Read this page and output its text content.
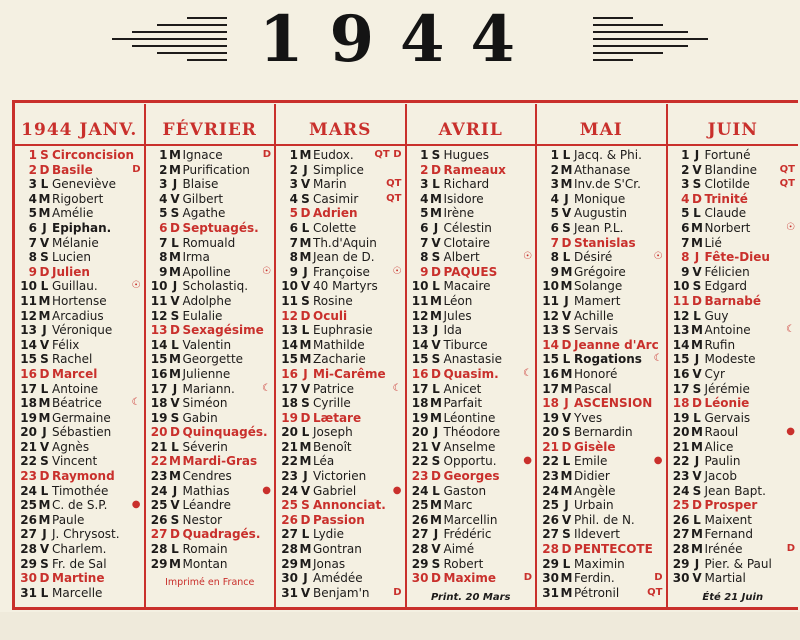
1944
1944 JANV.
1 S Circoncision
2 D Basile	D
3 L Geneviève
4 M Rigobert
5 M Amélie
6 J Epiphan.
7 V Mélanie
8 S Lucien
9 D Julien
10 L Guillau.	☉
11 M Hortense
12 M Arcadius
13 J Véronique
14 V Félix
15 S Rachel
16 D Marcel
17 L Antoine
18 M Béatrice	☾
19 M Germaine
20 J Sébastien
21 V Agnès
22 S Vincent
23 D Raymond
24 L Timothée
25 M C. de S.P. ●
26 M Paule
27 J J. Chrysost.
28 V Charlem.
29 S Fr. de Sal
30 D Martine
31 L Marcelle
FÉVRIER
1 M Ignace	D
2 M Purification
3 J Blaise
4 V Gilbert
5 S Agathe
6 D Septuagés.
7 L Romuald
8 M Irma
9 M Apolline	☉
10 J Scholastiq.
11 V Adolphe
12 S Eulalie
13 D Sexagésime
14 L Valentin
15 M Georgette
16 M Julienne
17 J Mariann.	☾
18 V Siméon
19 S Gabin
20 D Quinquagés.
21 L Séverin
22 M Mardi-Gras
23 M Cendres
24 J Mathias	●
25 V Léandre
26 S Nestor
27 D Quadragés.
28 L Romain
29 M Montan
Imprimé en France
MARS
1 M Eudox. QT D
2 J Simplice
3 V Marin	QT
4 S Casimir	QT
5 D Adrien
6 L Colette
7 M Th.d'Aquin
8 M Jean de D.
9 J Françoise ☉
10 V 40 Martyrs
11 S Rosine
12 D Oculi
13 L Euphrasie
14 M Mathilde
15 M Zacharie
16 J Mi-Carême
17 V Patrice	☾
18 S Cyrille
19 D Lætare
20 L Joseph
21 M Benoît
22 M Léa
23 J Victorien
24 V Gabriel	●
25 S Annonciat.
26 D Passion
27 L Lydie
28 M Gontran
29 M Jonas
30 J Amédée
31 V Benjam'n D
AVRIL
1 S Hugues
2 D Rameaux
3 L Richard
4 M Isidore
5 M Irène
6 J Célestin
7 V Clotaire
8 S Albert	☉
9 D PAQUES
10 L Macaire
11 M Léon
12 M Jules
13 J Ida
14 V Tiburce
15 S Anastasie
16 D Quasim. ☾
17 L Anicet
18 M Parfait
19 M Léontine
20 J Théodore
21 V Anselme
22 S Opportu.	●
23 D Georges
24 L Gaston
25 M Marc
26 M Marcellin
27 J Frédéric
28 V Aimé
29 S Robert
30 D Maxime	D
Print. 20 Mars
MAI
1 L Jacq. & Phi.
2 M Athanase
3 M Inv.de S'Cr.
4 J Monique
5 V Augustin
6 S Jean P.L.
7 D Stanislas
8 L Désiré	☉
9 M Grégoire
10 M Solange
11 J Mamert
12 V Achille
13 S Servais
14 D Jeanne d'Arc
15 L Rogations ☾
16 M Honoré
17 M Pascal
18 J ASCENSION
19 V Yves
20 S Bernardin
21 D Gisèle
22 L Emile	●
23 M Didier
24 M Angèle
25 J Urbain
26 V Phil. de N.
27 S Ildevert
28 D PENTECOTE
29 L Maximin
30 M Ferdin.	D
31 M Pétronil	QT
JUIN
1 J Fortuné
2 V Blandine QT
3 S Clotilde	QT
4 D Trinité
5 L Claude
6 M Norbert	☉
7 M Lié
8 J Fête-Dieu
9 V Félicien
10 S Edgard
11 D Barnabé
12 L Guy
13 M Antoine	☾
14 M Rufin
15 J Modeste
16 V Cyr
17 S Jérémie
18 D Léonie
19 L Gervais
20 M Raoul	●
21 M Alice
22 J Paulin
23 V Jacob
24 S Jean Bapt.
25 D Prosper
26 L Maixent
27 M Fernand
28 M Irénée	D
29 J Pier. & Paul
30 V Martial
Été 21 Juin
